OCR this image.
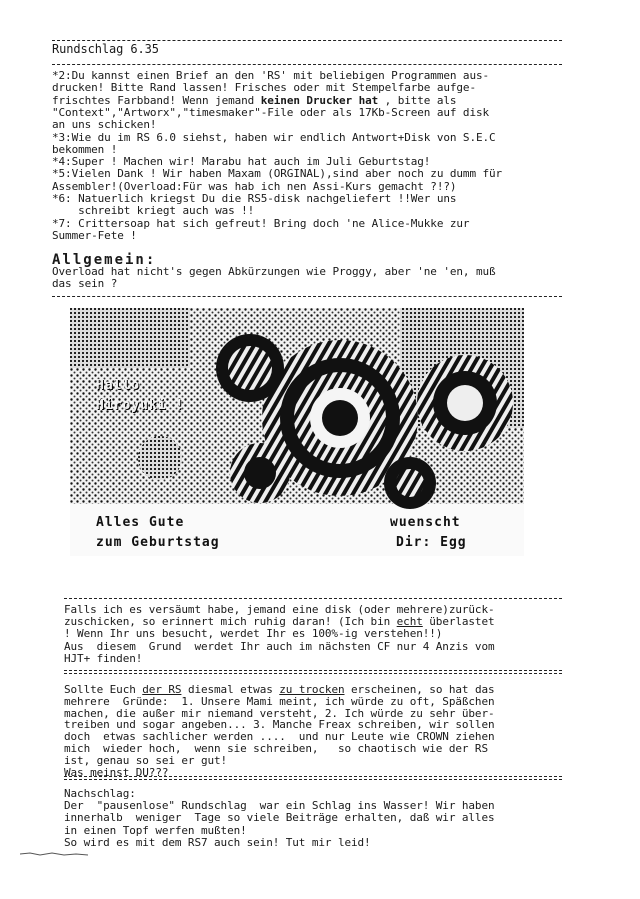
Rundschlag 6.35
*2:Du kannst einen Brief an den 'RS' mit beliebigen Programmen aus-
drucken! Bitte Rand lassen! Frisches oder mit Stempelfarbe aufge-
frischtes Farbband! Wenn jemand keinen Drucker hat , bitte als
"Context","Artworx","timesmaker"-File oder als 17Kb-Screen auf disk
an uns schicken!
*3:Wie du im RS 6.0 siehst, haben wir endlich Antwort+Disk von S.E.C
bekommen !
*4:Super ! Machen wir! Marabu hat auch im Juli Geburtstag!
*5:Vielen Dank ! Wir haben Maxam (ORGINAL),sind aber noch zu dumm für
Assembler!(Overload:Für was hab ich nen Assi-Kurs gemacht ?!?)
*6: Natuerlich kriegst Du die RS5-disk nachgeliefert !!Wer uns
schreibt kriegt auch was !!
*7: Crittersoap hat sich gefreut! Bring doch 'ne Alice-Mukke zur
Summer-Fete !
Allgemein:
Overload hat nicht's gegen Abkürzungen wie Proggy, aber 'ne 'en, muß
das sein ?
Hallo
Hiroyuki !
Alles Gute
zum Geburtstag
wuenscht
Dir: Egg
Falls ich es versäumt habe, jemand eine disk (oder mehrere)zurück-
zuschicken, so erinnert mich ruhig daran! (Ich bin echt überlastet
! Wenn Ihr uns besucht, werdet Ihr es 100%-ig verstehen!!)
Aus  diesem  Grund  werdet Ihr auch im nächsten CF nur 4 Anzis vom
HJT+ finden!
Sollte Euch der RS diesmal etwas zu trocken erscheinen, so hat das
mehrere  Gründe:  1. Unsere Mami meint, ich würde zu oft, Späßchen
machen, die außer mir niemand versteht, 2. Ich würde zu sehr über-
treiben und sogar angeben... 3. Manche Freax schreiben, wir sollen
doch  etwas sachlicher werden ....  und nur Leute wie CROWN ziehen
mich  wieder hoch,  wenn sie schreiben,   so chaotisch wie der RS
ist, genau so sei er gut!
Was meinst DU???
Nachschlag:
Der  "pausenlose" Rundschlag  war ein Schlag ins Wasser! Wir haben
innerhalb  weniger  Tage so viele Beiträge erhalten, daß wir alles
in einen Topf werfen mußten!
So wird es mit dem RS7 auch sein! Tut mir leid!
